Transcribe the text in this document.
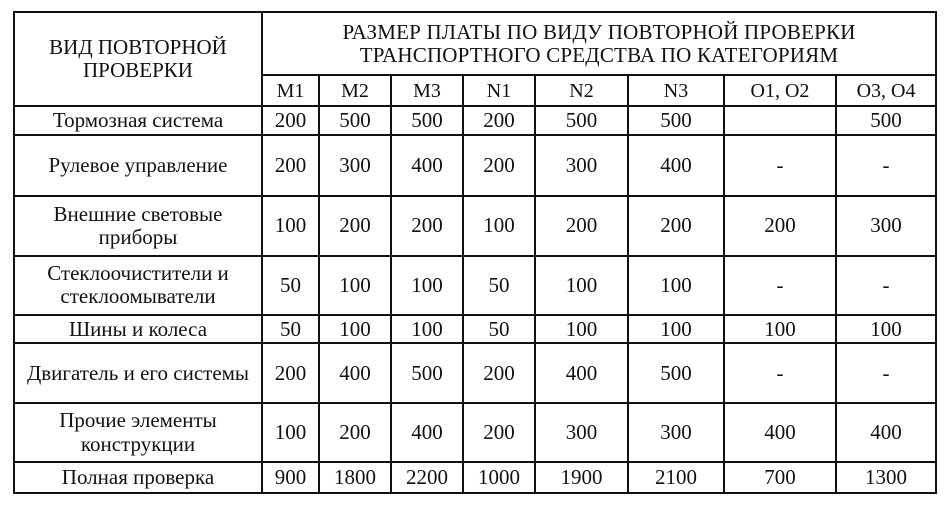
ВИД ПОВТОРНОЙ ПРОВЕРКИ	РАЗМЕР ПЛАТЫ ПО ВИДУ ПОВТОРНОЙ ПРОВЕРКИ ТРАНСПОРТНОГО СРЕДСТВА ПО КАТЕГОРИЯМ							
	M1	M2	M3	N1	N2	N3	O1, O2	O3, O4
Тормозная система	200	500	500	200	500	500		500
Рулевое управление	200	300	400	200	300	400	-	-
Внешние световые приборы	100	200	200	100	200	200	200	300
Стеклоочистители и стеклоомыватели	50	100	100	50	100	100	-	-
Шины и колеса	50	100	100	50	100	100	100	100
Двигатель и его системы	200	400	500	200	400	500	-	-
Прочие элементы конструкции	100	200	400	200	300	300	400	400
Полная проверка	900	1800	2200	1000	1900	2100	700	1300
